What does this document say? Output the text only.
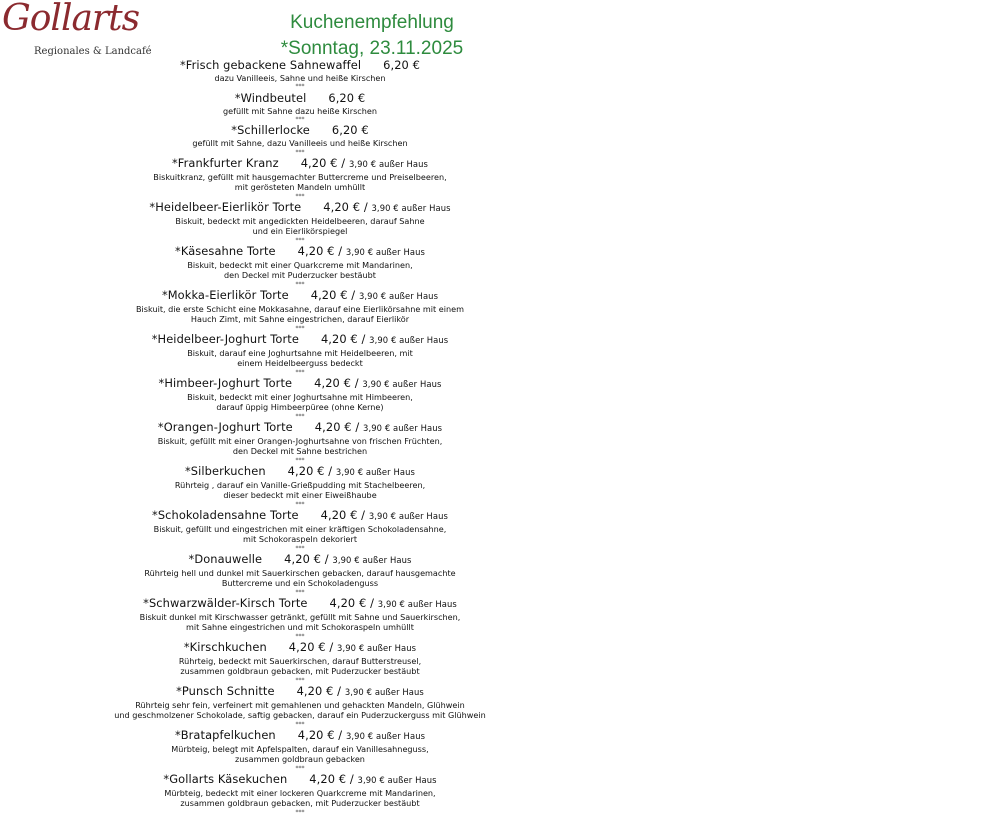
Gollarts
Regionales & Landcafé
Kuchenempfehlung
*Sonntag, 23.11.2025
*Frisch gebackene Sahnewaffel 6,20 €
dazu Vanilleeis, Sahne und heiße Kirschen
***
*Windbeutel 6,20 €
gefüllt mit Sahne dazu heiße Kirschen
***
*Schillerlocke 6,20 €
gefüllt mit Sahne, dazu Vanilleeis und heiße Kirschen
***
*Frankfurter Kranz 4,20 € / 3,90 € außer Haus
Biskuitkranz, gefüllt mit hausgemachter Buttercreme und Preiselbeeren,
mit gerösteten Mandeln umhüllt
***
*Heidelbeer-Eierlikör Torte 4,20 € / 3,90 € außer Haus
Biskuit, bedeckt mit angedickten Heidelbeeren, darauf Sahne
und ein Eierlikörspiegel
***
*Käsesahne Torte 4,20 € / 3,90 € außer Haus
Biskuit, bedeckt mit einer Quarkcreme mit Mandarinen,
den Deckel mit Puderzucker bestäubt
***
*Mokka-Eierlikör Torte 4,20 € / 3,90 € außer Haus
Biskuit, die erste Schicht eine Mokkasahne, darauf eine Eierlikörsahne mit einem
Hauch Zimt, mit Sahne eingestrichen, darauf Eierlikör
***
*Heidelbeer-Joghurt Torte 4,20 € / 3,90 € außer Haus
Biskuit, darauf eine Joghurtsahne mit Heidelbeeren, mit
einem Heidelbeerguss bedeckt
***
*Himbeer-Joghurt Torte 4,20 € / 3,90 € außer Haus
Biskuit, bedeckt mit einer Joghurtsahne mit Himbeeren,
darauf üppig Himbeerpüree (ohne Kerne)
***
*Orangen-Joghurt Torte 4,20 € / 3,90 € außer Haus
Biskuit, gefüllt mit einer Orangen-Joghurtsahne von frischen Früchten,
den Deckel mit Sahne bestrichen
***
*Silberkuchen 4,20 € / 3,90 € außer Haus
Rührteig , darauf ein Vanille-Grießpudding mit Stachelbeeren,
dieser bedeckt mit einer Eiweißhaube
***
*Schokoladensahne Torte 4,20 € / 3,90 € außer Haus
Biskuit, gefüllt und eingestrichen mit einer kräftigen Schokoladensahne,
mit Schokoraspeln dekoriert
***
*Donauwelle 4,20 € / 3,90 € außer Haus
Rührteig hell und dunkel mit Sauerkirschen gebacken, darauf hausgemachte
Buttercreme und ein Schokoladenguss
***
*Schwarzwälder-Kirsch Torte 4,20 € / 3,90 € außer Haus
Biskuit dunkel mit Kirschwasser getränkt, gefüllt mit Sahne und Sauerkirschen,
mit Sahne eingestrichen und mit Schokoraspeln umhüllt
***
*Kirschkuchen 4,20 € / 3,90 € außer Haus
Rührteig, bedeckt mit Sauerkirschen, darauf Butterstreusel,
zusammen goldbraun gebacken, mit Puderzucker bestäubt
***
*Punsch Schnitte 4,20 € / 3,90 € außer Haus
Rührteig sehr fein, verfeinert mit gemahlenen und gehackten Mandeln, Glühwein
und geschmolzener Schokolade, saftig gebacken, darauf ein Puderzuckerguss mit Glühwein
***
*Bratapfelkuchen 4,20 € / 3,90 € außer Haus
Mürbteig, belegt mit Apfelspalten, darauf ein Vanillesahneguss,
zusammen goldbraun gebacken
***
*Gollarts Käsekuchen 4,20 € / 3,90 € außer Haus
Mürbteig, bedeckt mit einer lockeren Quarkcreme mit Mandarinen,
zusammen goldbraun gebacken, mit Puderzucker bestäubt
***
